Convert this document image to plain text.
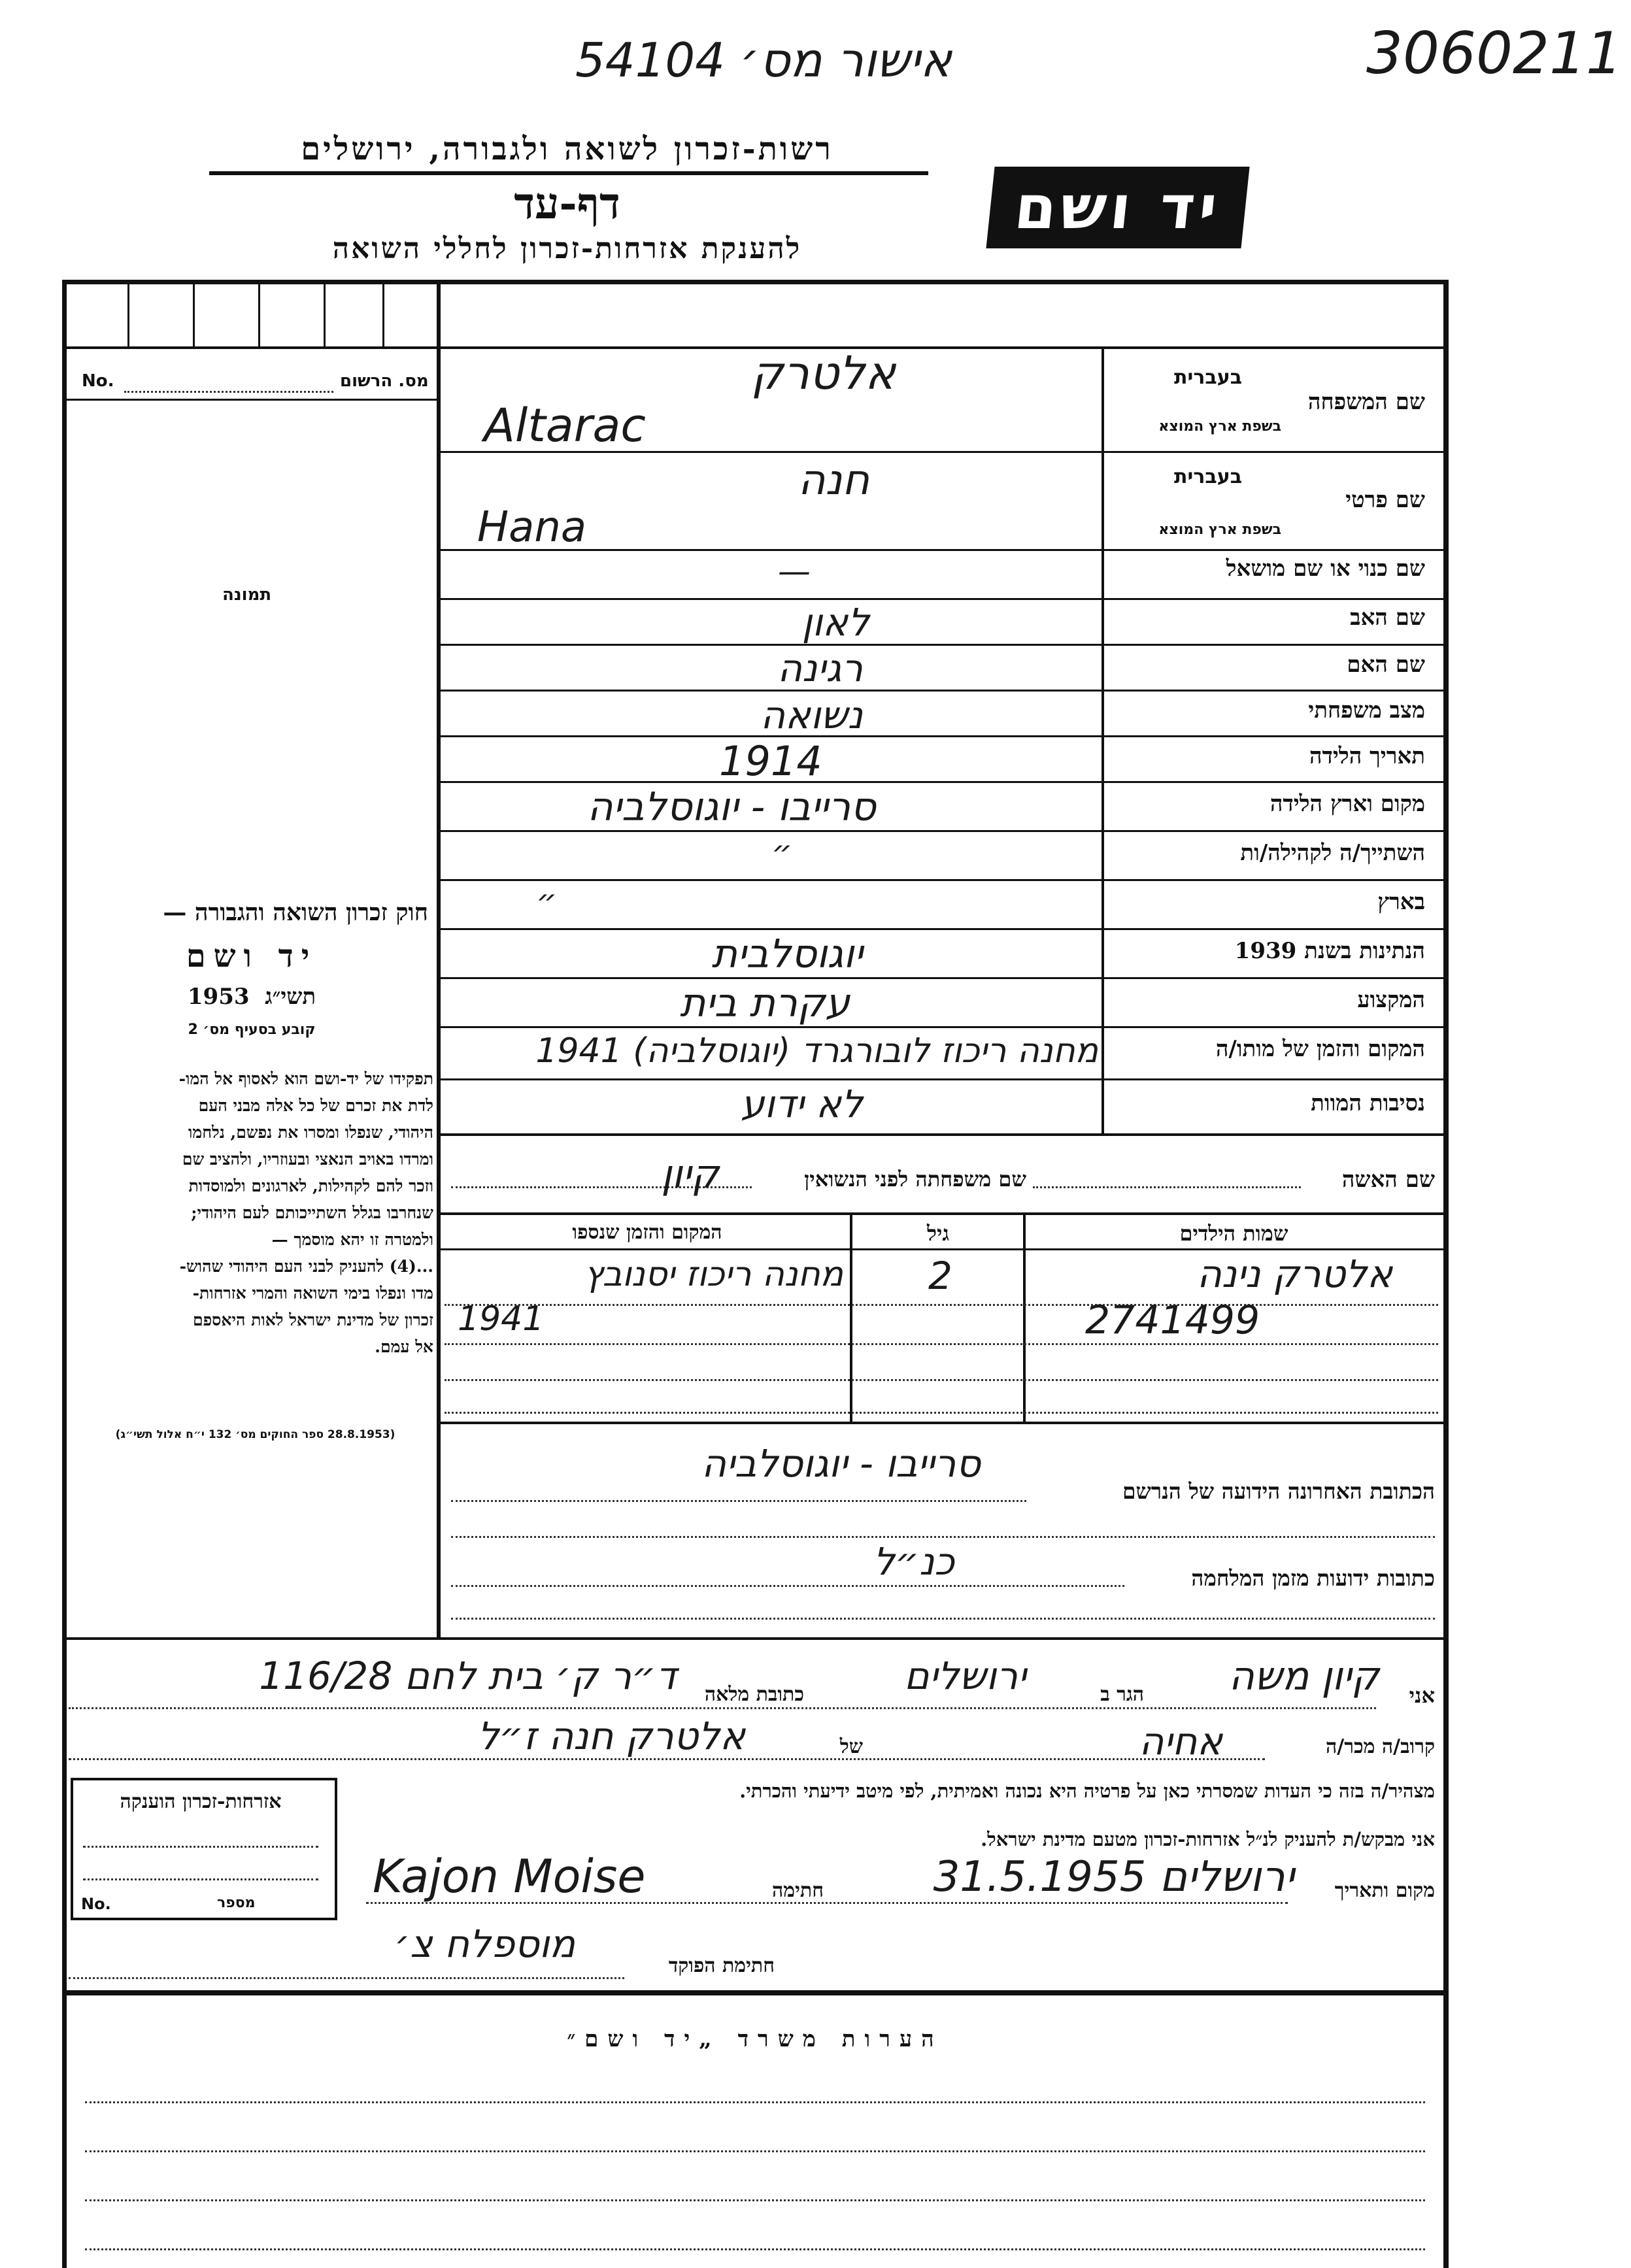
אישור מס׳ 54104	3060211
רשות-זכרון לשואה ולגבורה, ירושלים
דף-עד
להענקת אזרחות-זכרון לחללי השואה
יד ושם
מס. הרשום
No.
תמונה
חוק זכרון השואה והגבורה —
יד ושם
תשי״ג  1953
קובע בסעיף מס׳ 2
תפקידו של יד-ושם הוא לאסוף אל המו-
לדת את זכרם של כל אלה מבני העם
היהודי, שנפלו ומסרו את נפשם, נלחמו
ומרדו באויב הנאצי ובעוזריו, ולהציב שם
וזכר להם לקהילות, לארגונים ולמוסדות
שנחרבו בגלל השתייכותם לעם היהודי;
ולמטרה זו יהא מוסמך —
...(4) להעניק לבני העם היהודי שהוש-
מדו ונפלו בימי השואה והמרי אזרחות-
זכרון של מדינת ישראל לאות היאספם
אל עמם.
(28.8.1953 ספר החוקים מס׳ 132 י״ח אלול תשי״ג)
שם המשפחה
בעברית
בשפת ארץ המוצא
אלטרק
Altarac
שם פרטי
בעברית
בשפת ארץ המוצא
חנה
Hana
שם כנוי או שם מושאל
—
שם האב
לאון
שם האם
רגינה
מצב משפחתי
נשואה
תאריך הלידה
1914
מקום וארץ הלידה
סרייבו - יוגוסלביה
השתייך/ה לקהילה/ות
״
בארץ
״
הנתינות בשנת 1939
יוגוסלבית
המקצוע
עקרת בית
המקום והזמן של מותו/ה
מחנה ריכוז לובורגרד (יוגוסלביה) 1941
נסיבות המוות
לא ידוע
שם האשה
שם משפחתה לפני הנשואין
קיון
שמות הילדים
גיל
המקום והזמן שנספו
אלטרק נינה
2
מחנה ריכוז יסנובץ
2741499
1941
הכתובת האחרונה הידועה של הנרשם
סרייבו - יוגוסלביה
כתובות ידועות מזמן המלחמה
כנ״ל
אני
קיון משה
הגר ב
ירושלים
כתובת מלאה
ד״ר ק׳ בית לחם 116/28
קרוב/ה מכר/ה
אחיה
של
אלטרק חנה ז״ל
מצהיר/ה בזה כי העדות שמסרתי כאן על פרטיה היא נכונה ואמיתית, לפי מיטב ידיעתי והכרתי.
אני מבקש/ת להעניק לנ״ל אזרחות-זכרון מטעם מדינת ישראל.
מקום ותאריך
ירושלים 31.5.1955
חתימה
Kajon Moise
חתימת הפוקד
מוספלח צ׳
אזרחות-זכרון הוענקה
No.	מספר
הערות משרד „יד ושם״
